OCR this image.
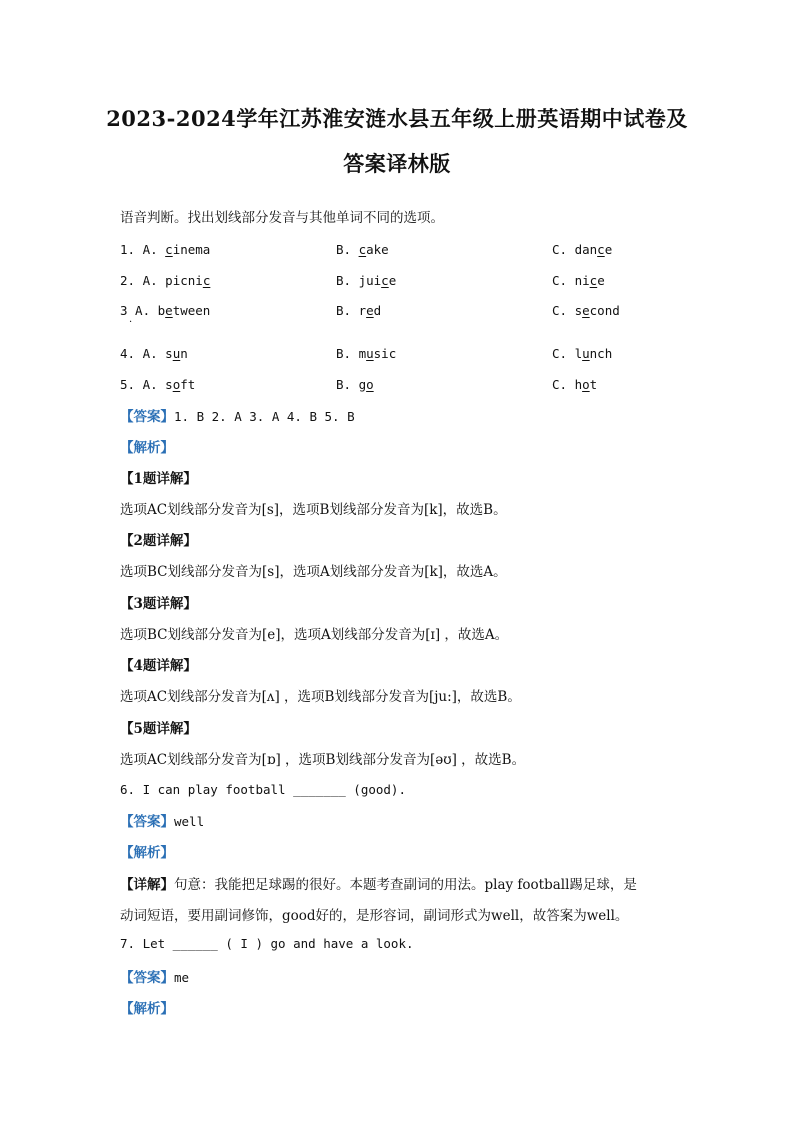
2023-2024学年江苏淮安涟水县五年级上册英语期中试卷及
答案译林版
语音判断。找出划线部分发音与其他单词不同的选项。
1. A. cinema	B. cake	C. dance
2. A. picnic	B. juice	C. nice
3 A. between	B. red	C. second
4. A. sun	B. music	C. lunch
5. A. soft	B. go	C. hot
·
【答案】1. B 2. A 3. A 4. B 5. B
【解析】
【1题详解】
选项AC划线部分发音为[s]，选项B划线部分发音为[k]，故选B。
【2题详解】
选项BC划线部分发音为[s]，选项A划线部分发音为[k]，故选A。
【3题详解】
选项BC划线部分发音为[e]，选项A划线部分发音为[ɪ] ，故选A。
【4题详解】
选项AC划线部分发音为[ʌ] ，选项B划线部分发音为[ju:]，故选B。
【5题详解】
选项AC划线部分发音为[ɒ] ，选项B划线部分发音为[əʊ] ，故选B。
6. I can play football _______ (good).
【答案】well
【解析】
【详解】句意：我能把足球踢的很好。本题考查副词的用法。play football踢足球，是
动词短语，要用副词修饰，good好的，是形容词，副词形式为well，故答案为well。
7. Let ______ ( I ) go and have a look.
【答案】me
【解析】
